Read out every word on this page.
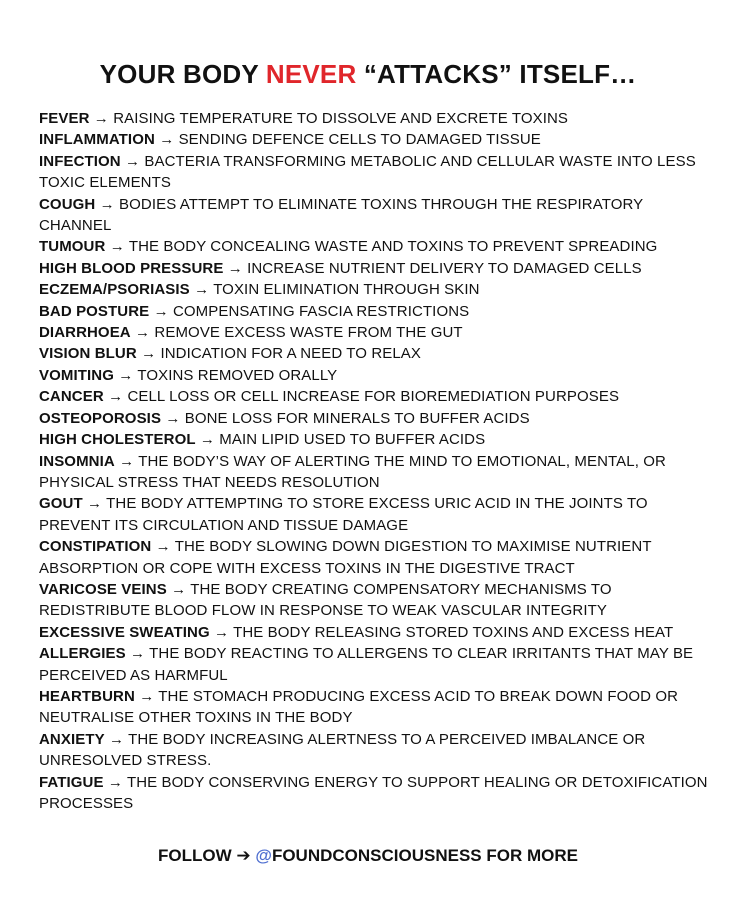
YOUR BODY NEVER “ATTACKS” ITSELF…

FEVER → RAISING TEMPERATURE TO DISSOLVE AND EXCRETE TOXINS

INFLAMMATION → SENDING DEFENCE CELLS TO DAMAGED TISSUE

INFECTION → BACTERIA TRANSFORMING METABOLIC AND CELLULAR WASTE INTO LESS TOXIC ELEMENTS

COUGH → BODIES ATTEMPT TO ELIMINATE TOXINS THROUGH THE RESPIRATORY CHANNEL

TUMOUR → THE BODY CONCEALING WASTE AND TOXINS TO PREVENT SPREADING

HIGH BLOOD PRESSURE → INCREASE NUTRIENT DELIVERY TO DAMAGED CELLS

ECZEMA/PSORIASIS → TOXIN ELIMINATION THROUGH SKIN

BAD POSTURE → COMPENSATING FASCIA RESTRICTIONS

DIARRHOEA → REMOVE EXCESS WASTE FROM THE GUT

VISION BLUR → INDICATION FOR A NEED TO RELAX

VOMITING → TOXINS REMOVED ORALLY

CANCER → CELL LOSS OR CELL INCREASE FOR BIOREMEDIATION PURPOSES

OSTEOPOROSIS → BONE LOSS FOR MINERALS TO BUFFER ACIDS

HIGH CHOLESTEROL → MAIN LIPID USED TO BUFFER ACIDS

INSOMNIA → THE BODY’S WAY OF ALERTING THE MIND TO EMOTIONAL, MENTAL, OR PHYSICAL STRESS THAT NEEDS RESOLUTION

GOUT → THE BODY ATTEMPTING TO STORE EXCESS URIC ACID IN THE JOINTS TO PREVENT ITS CIRCULATION AND TISSUE DAMAGE

CONSTIPATION → THE BODY SLOWING DOWN DIGESTION TO MAXIMISE NUTRIENT ABSORPTION OR COPE WITH EXCESS TOXINS IN THE DIGESTIVE TRACT

VARICOSE VEINS → THE BODY CREATING COMPENSATORY MECHANISMS TO REDISTRIBUTE BLOOD FLOW IN RESPONSE TO WEAK VASCULAR INTEGRITY

EXCESSIVE SWEATING → THE BODY RELEASING STORED TOXINS AND EXCESS HEAT

ALLERGIES → THE BODY REACTING TO ALLERGENS TO CLEAR IRRITANTS THAT MAY BE PERCEIVED AS HARMFUL

HEARTBURN → THE STOMACH PRODUCING EXCESS ACID TO BREAK DOWN FOOD OR NEUTRALISE OTHER TOXINS IN THE BODY

ANXIETY → THE BODY INCREASING ALERTNESS TO A PERCEIVED IMBALANCE OR UNRESOLVED STRESS.

FATIGUE → THE BODY CONSERVING ENERGY TO SUPPORT HEALING OR DETOXIFICATION PROCESSES

FOLLOW ➔ @FOUNDCONSCIOUSNESS FOR MORE
